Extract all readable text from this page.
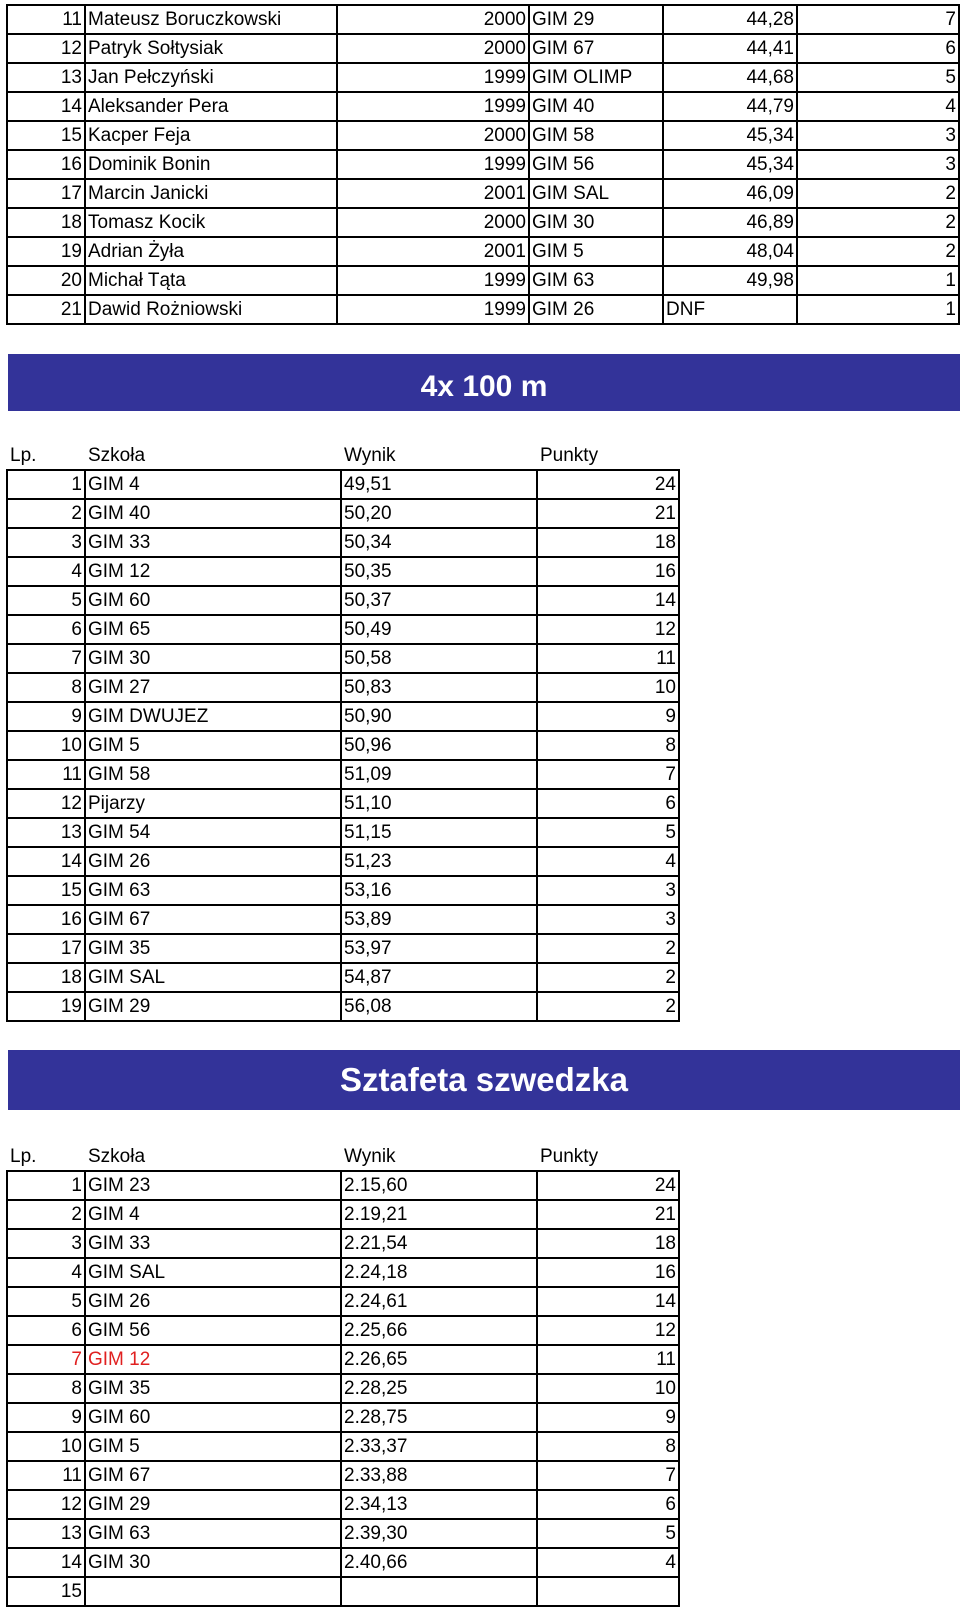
11	Mateusz Boruczkowski	2000	GIM 29	44,28	7
12	Patryk Sołtysiak	2000	GIM 67	44,41	6
13	Jan Pełczyński	1999	GIM OLIMP	44,68	5
14	Aleksander Pera	1999	GIM 40	44,79	4
15	Kacper Feja	2000	GIM 58	45,34	3
16	Dominik Bonin	1999	GIM 56	45,34	3
17	Marcin Janicki	2001	GIM SAL	46,09	2
18	Tomasz Kocik	2000	GIM 30	46,89	2
19	Adrian Żyła	2001	GIM 5	48,04	2
20	Michał Tąta	1999	GIM 63	49,98	1
21	Dawid Rożniowski	1999	GIM 26	DNF	1
4x 100 m
Lp.	Szkoła	Wynik	Punkty
1	GIM 4	49,51	24
2	GIM 40	50,20	21
3	GIM 33	50,34	18
4	GIM 12	50,35	16
5	GIM 60	50,37	14
6	GIM 65	50,49	12
7	GIM 30	50,58	11
8	GIM 27	50,83	10
9	GIM DWUJEZ	50,90	9
10	GIM 5	50,96	8
11	GIM 58	51,09	7
12	Pijarzy	51,10	6
13	GIM 54	51,15	5
14	GIM 26	51,23	4
15	GIM 63	53,16	3
16	GIM 67	53,89	3
17	GIM 35	53,97	2
18	GIM SAL	54,87	2
19	GIM 29	56,08	2
Sztafeta szwedzka
Lp.	Szkoła	Wynik	Punkty
1	GIM 23	2.15,60	24
2	GIM 4	2.19,21	21
3	GIM 33	2.21,54	18
4	GIM SAL	2.24,18	16
5	GIM 26	2.24,61	14
6	GIM 56	2.25,66	12
7	GIM 12	2.26,65	11
8	GIM 35	2.28,25	10
9	GIM 60	2.28,75	9
10	GIM 5	2.33,37	8
11	GIM 67	2.33,88	7
12	GIM 29	2.34,13	6
13	GIM 63	2.39,30	5
14	GIM 30	2.40,66	4
15			
